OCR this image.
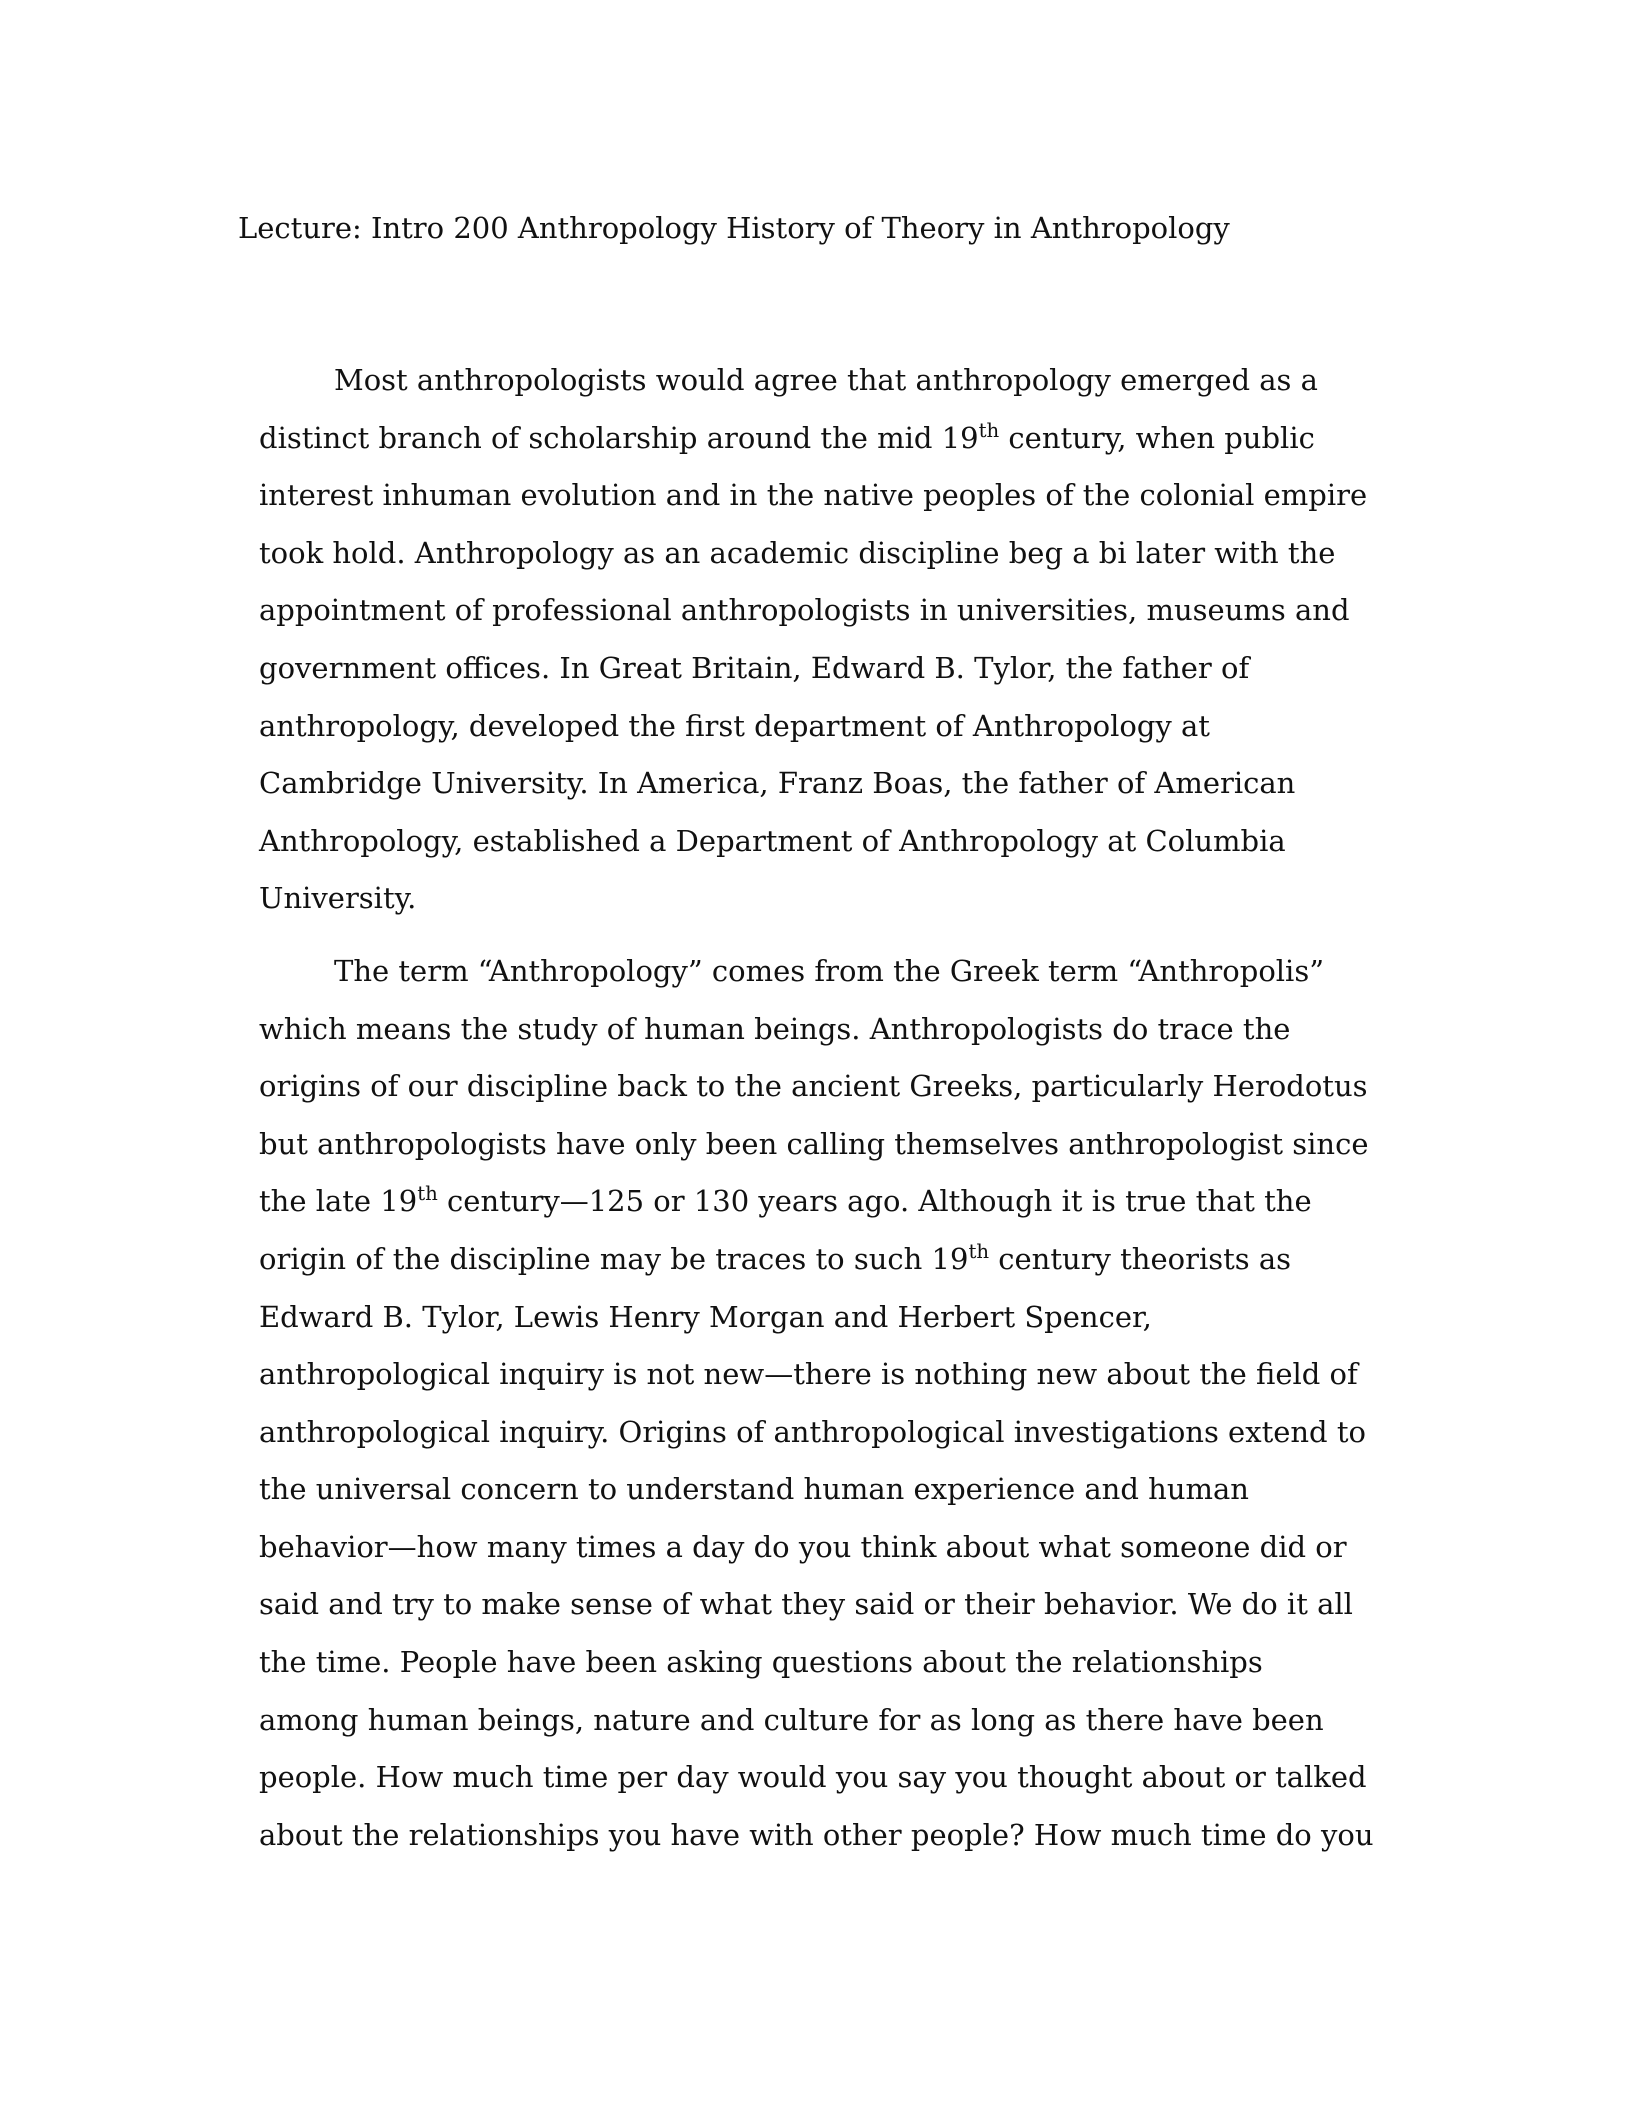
Lecture: Intro 200 Anthropology History of Theory in Anthropology

Most anthropologists would agree that anthropology emerged as a
distinct branch of scholarship around the mid 19th century, when public
interest inhuman evolution and in the native peoples of the colonial empire
took hold. Anthropology as an academic discipline beg a bi later with the
appointment of professional anthropologists in universities, museums and
government offices. In Great Britain, Edward B. Tylor, the father of
anthropology, developed the first department of Anthropology at
Cambridge University. In America, Franz Boas, the father of American
Anthropology, established a Department of Anthropology at Columbia
University.

The term “Anthropology” comes from the Greek term “Anthropolis”
which means the study of human beings. Anthropologists do trace the
origins of our discipline back to the ancient Greeks, particularly Herodotus
but anthropologists have only been calling themselves anthropologist since
the late 19th century—125 or 130 years ago. Although it is true that the
origin of the discipline may be traces to such 19th century theorists as
Edward B. Tylor, Lewis Henry Morgan and Herbert Spencer,
anthropological inquiry is not new—there is nothing new about the field of
anthropological inquiry. Origins of anthropological investigations extend to
the universal concern to understand human experience and human
behavior—how many times a day do you think about what someone did or
said and try to make sense of what they said or their behavior. We do it all
the time. People have been asking questions about the relationships
among human beings, nature and culture for as long as there have been
people. How much time per day would you say you thought about or talked
about the relationships you have with other people? How much time do you
